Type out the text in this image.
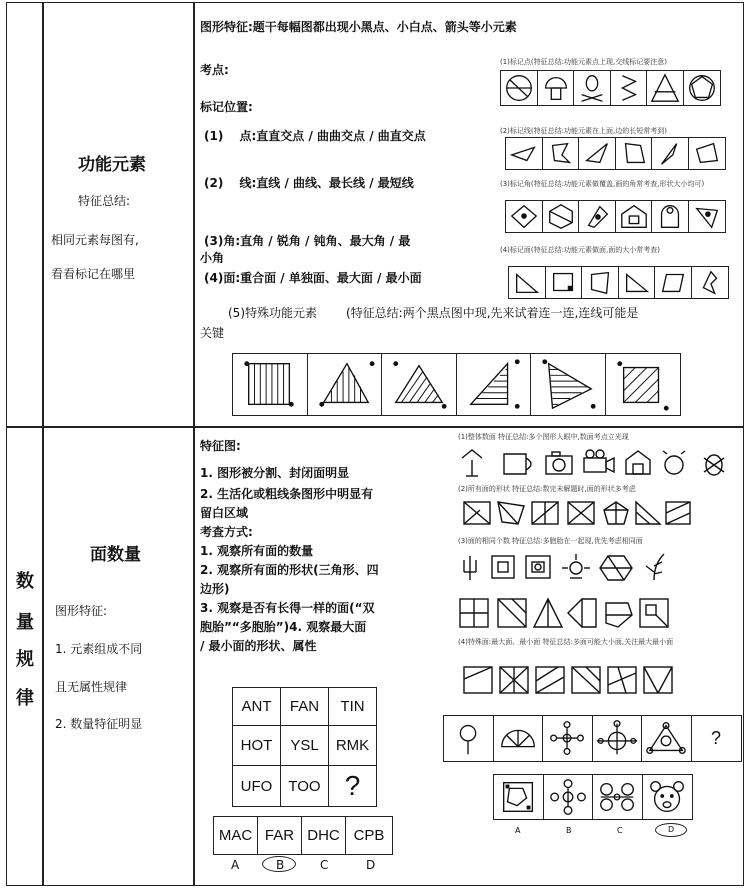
功能元素
特征总结:
相同元素每图有,
看看标记在哪里
图形特征:题干每幅图都出现小黑点、小白点、箭头等小元素
考点:
标记位置:
(1)　 点:直直交点 / 曲曲交点 / 曲直交点
(2)　 线:直线 / 曲线、最长线 / 最短线
(3)角:直角 / 锐角 / 钝角、最大角 / 最
小角
(4)面:重合面 / 单独面、最大面 / 最小面
(5)特殊功能元素 (特征总结:两个黑点图中现,先来试着连一连,连线可能是
关键
(1)标记点(特征总结:功能元素点上现,交线标记要注意)
(2)标记线(特征总结:功能元素在上面,边的长短常考到)
(3)标记角(特征总结:功能元素做覆盖,画的角常考查,形状大小均可)
(4)标记面(特征总结:功能元素做面,面的大小常考查)
数
量
规
律
面数量
图形特征:
1. 元素组成不同
且无属性规律
2. 数量特征明显
特征图:
1. 图形被分割、封闭面明显
2. 生活化或粗线条图形中明显有
留白区域
考查方式:
1. 观察所有面的数量
2. 观察所有面的形状(三角形、四
边形)
3. 观察是否有长得一样的面(“双
胞胎”“多胞胎”)4. 观察最大面
/ 最小面的形状、属性
ANT	FAN	TIN
HOT	YSL	RMK
UFO	TOO ?
MAC FAR DHC CPB
A	B	C	D
(1)整体数面 特征总结:多个图形人眼中,数面考点立光现
(2)所有面的形状 特征总结:数完未解题时,面的形状多考虑
(3)面的相同个数 特征总结:多胞胎在一起现,优先考虑相同面
(4)特殊面:最大面、最小面 特征总结:多面可能大小面,关注最大最小面
?
A	B	C	D
